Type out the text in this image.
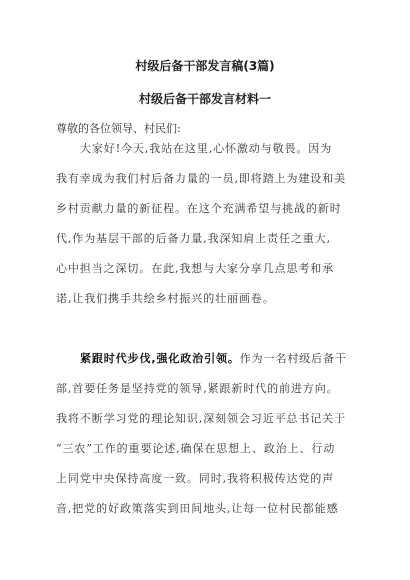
村级后备干部发言稿(3篇)
村级后备干部发言材料一
尊敬的各位领导、村民们:
大家好!今天,我站在这里,心怀激动与敬畏。因为
我有幸成为我们村后备力量的一员,即将踏上为建设和美
乡村贡献力量的新征程。在这个充满希望与挑战的新时
代,作为基层干部的后备力量,我深知肩上责任之重大,
心中担当之深切。在此,我想与大家分享几点思考和承
诺,让我们携手共绘乡村振兴的壮丽画卷。
紧跟时代步伐,强化政治引领。作为一名村级后备干
部,首要任务是坚持党的领导,紧跟新时代的前进方向。
我将不断学习党的理论知识,深刻领会习近平总书记关于
“三农”工作的重要论述,确保在思想上、政治上、行动
上同党中央保持高度一致。同时,我将积极传达党的声
音,把党的好政策落实到田间地头,让每一位村民都能感
